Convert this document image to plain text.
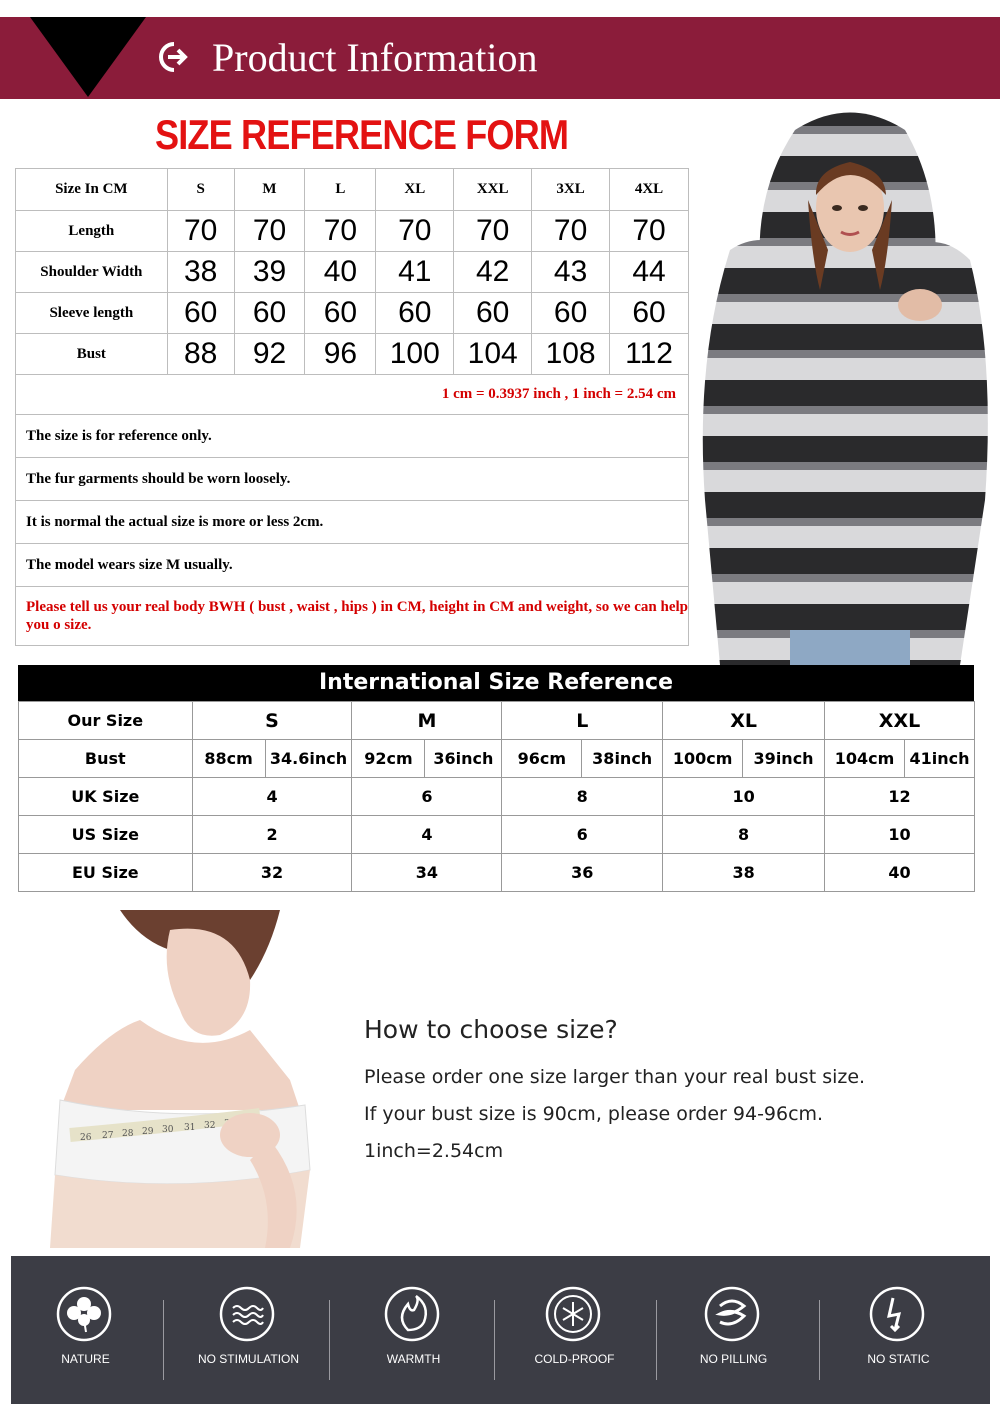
Product Information
SIZE REFERENCE FORM
Size In CM	S	M	L	XL	XXL	3XL	4XL
Length	70	70	70	70	70	70	70
Shoulder Width	38	39	40	41	42	43	44
Sleeve length	60	60	60	60	60	60	60
Bust	88	92	96	100	104	108	112
1 cm = 0.3937 inch , 1 inch = 2.54 cm							
The size is for reference only.							
The fur garments should be worn loosely.							
It is normal the actual size is more or less 2cm.							
The model wears size M usually.							
Please tell us your real body BWH ( bust , waist , hips ) in CM, height in CM and weight, so we can help you o size.							
International Size Reference
Our Size	S		M		L		XL		XXL	
Bust	88cm	34.6inch	92cm	36inch	96cm	38inch	100cm	39inch	104cm	41inch
UK Size	4		6		8		10		12	
US Size	2		4		6		8		10	
EU Size	32		34		36		38		40	
26 27 28 29 30 31 32
How to choose size?
Please order one size larger than your real bust size.
If your bust size is 90cm, please order 94-96cm.
1inch=2.54cm
NATURE	NO STIMULATION	WARMTH	COLD-PROOF	NO PILLING	NO STATIC
